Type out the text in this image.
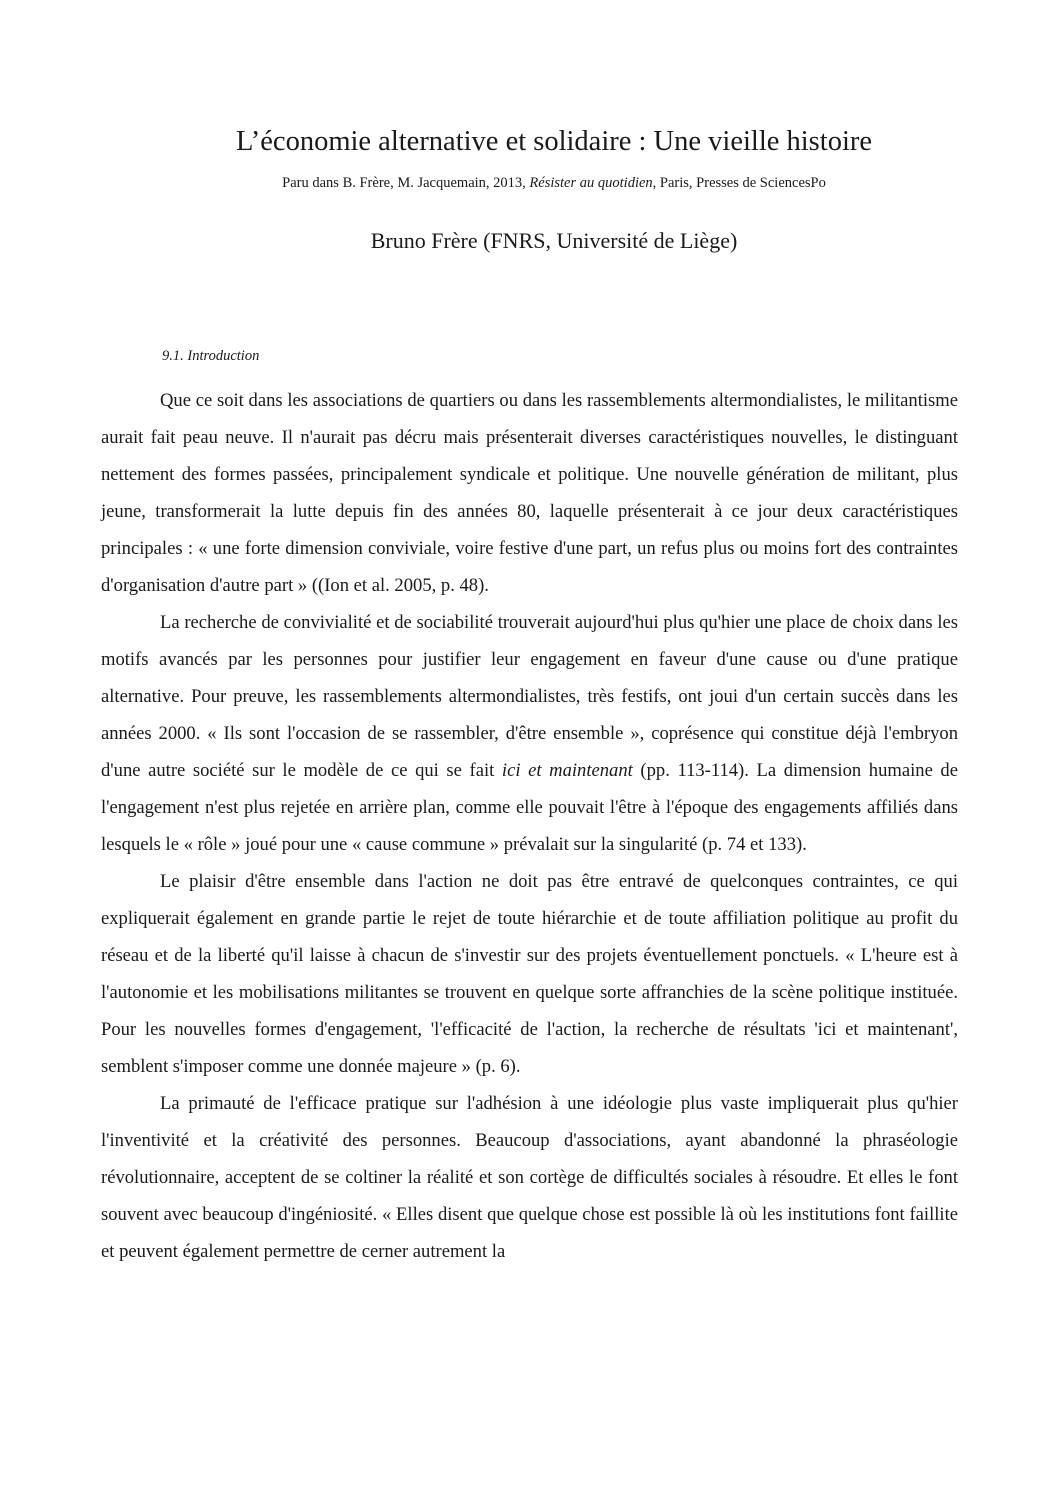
L’économie alternative et solidaire : Une vieille histoire

Paru dans B. Frère, M. Jacquemain, 2013, Résister au quotidien, Paris, Presses de SciencesPo

Bruno Frère (FNRS, Université de Liège)

9.1. Introduction

Que ce soit dans les associations de quartiers ou dans les rassemblements altermondialistes, le militantisme aurait fait peau neuve. Il n'aurait pas décru mais présenterait diverses caractéristiques nouvelles, le distinguant nettement des formes passées, principalement syndicale et politique. Une nouvelle génération de militant, plus jeune, transformerait la lutte depuis fin des années 80, laquelle présenterait à ce jour deux caractéristiques principales : « une forte dimension conviviale, voire festive d'une part, un refus plus ou moins fort des contraintes d'organisation d'autre part » ((Ion et al. 2005, p. 48).

La recherche de convivialité et de sociabilité trouverait aujourd'hui plus qu'hier une place de choix dans les motifs avancés par les personnes pour justifier leur engagement en faveur d'une cause ou d'une pratique alternative. Pour preuve, les rassemblements altermondialistes, très festifs, ont joui d'un certain succès dans les années 2000. « Ils sont l'occasion de se rassembler, d'être ensemble », coprésence qui constitue déjà l'embryon d'une autre société sur le modèle de ce qui se fait ici et maintenant (pp. 113-114). La dimension humaine de l'engagement n'est plus rejetée en arrière plan, comme elle pouvait l'être à l'époque des engagements affiliés dans lesquels le « rôle » joué pour une « cause commune » prévalait sur la singularité (p. 74 et 133).

Le plaisir d'être ensemble dans l'action ne doit pas être entravé de quelconques contraintes, ce qui expliquerait également en grande partie le rejet de toute hiérarchie et de toute affiliation politique au profit du réseau et de la liberté qu'il laisse à chacun de s'investir sur des projets éventuellement ponctuels. « L'heure est à l'autonomie et les mobilisations militantes se trouvent en quelque sorte affranchies de la scène politique instituée. Pour les nouvelles formes d'engagement, 'l'efficacité de l'action, la recherche de résultats 'ici et maintenant', semblent s'imposer comme une donnée majeure » (p. 6).

La primauté de l'efficace pratique sur l'adhésion à une idéologie plus vaste impliquerait plus qu'hier l'inventivité et la créativité des personnes. Beaucoup d'associations, ayant abandonné la phraséologie révolutionnaire, acceptent de se coltiner la réalité et son cortège de difficultés sociales à résoudre. Et elles le font souvent avec beaucoup d'ingéniosité. « Elles disent que quelque chose est possible là où les institutions font faillite et peuvent également permettre de cerner autrement la
